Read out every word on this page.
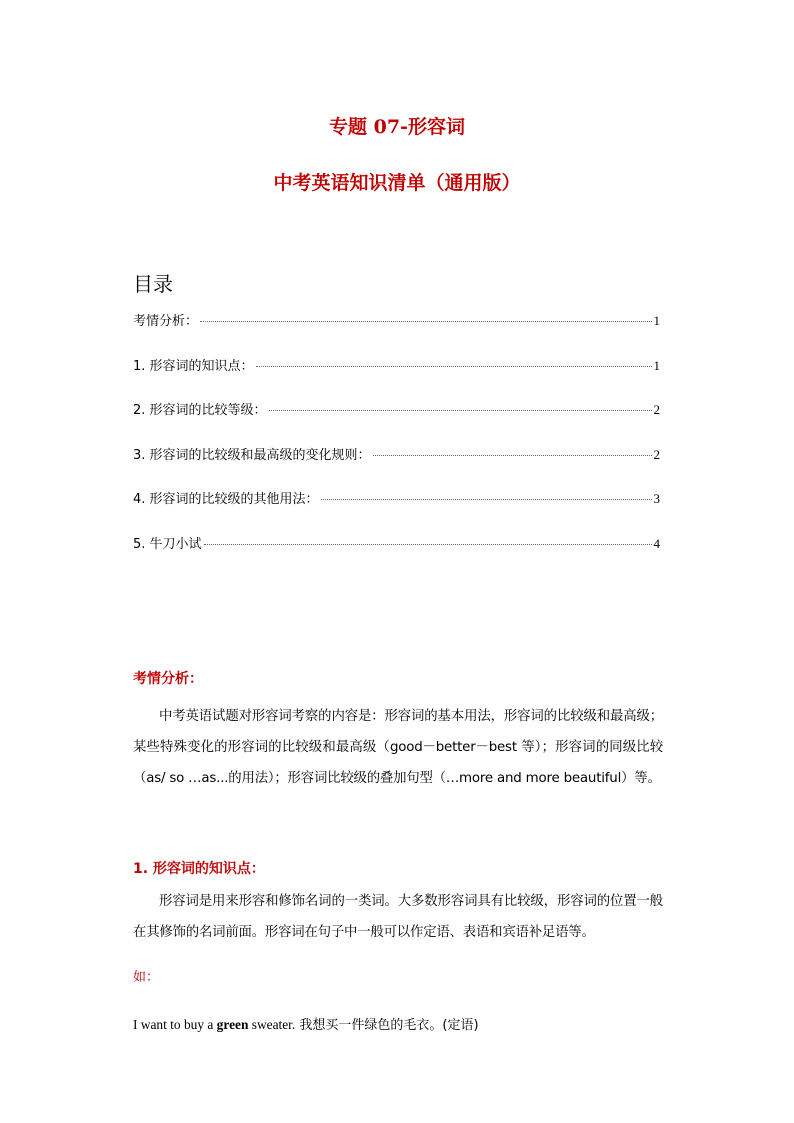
专题 07-形容词
中考英语知识清单（通用版）
目录
考情分析：	1
1. 形容词的知识点：	1
2. 形容词的比较等级：	2
3. 形容词的比较级和最高级的变化规则：	2
4. 形容词的比较级的其他用法：	3
5. 牛刀小试	4
考情分析：

中考英语试题对形容词考察的内容是：形容词的基本用法，形容词的比较级和最高级；某些特殊变化的形容词的比较级和最高级（good－better－best 等）；形容词的同级比较（as/ so …as...的用法）；形容词比较级的叠加句型（…more and more beautiful）等。

1. 形容词的知识点：

形容词是用来形容和修饰名词的一类词。大多数形容词具有比较级，形容词的位置一般在其修饰的名词前面。形容词在句子中一般可以作定语、表语和宾语补足语等。

如：

I want to buy a green sweater. 我想买一件绿色的毛衣。(定语)
